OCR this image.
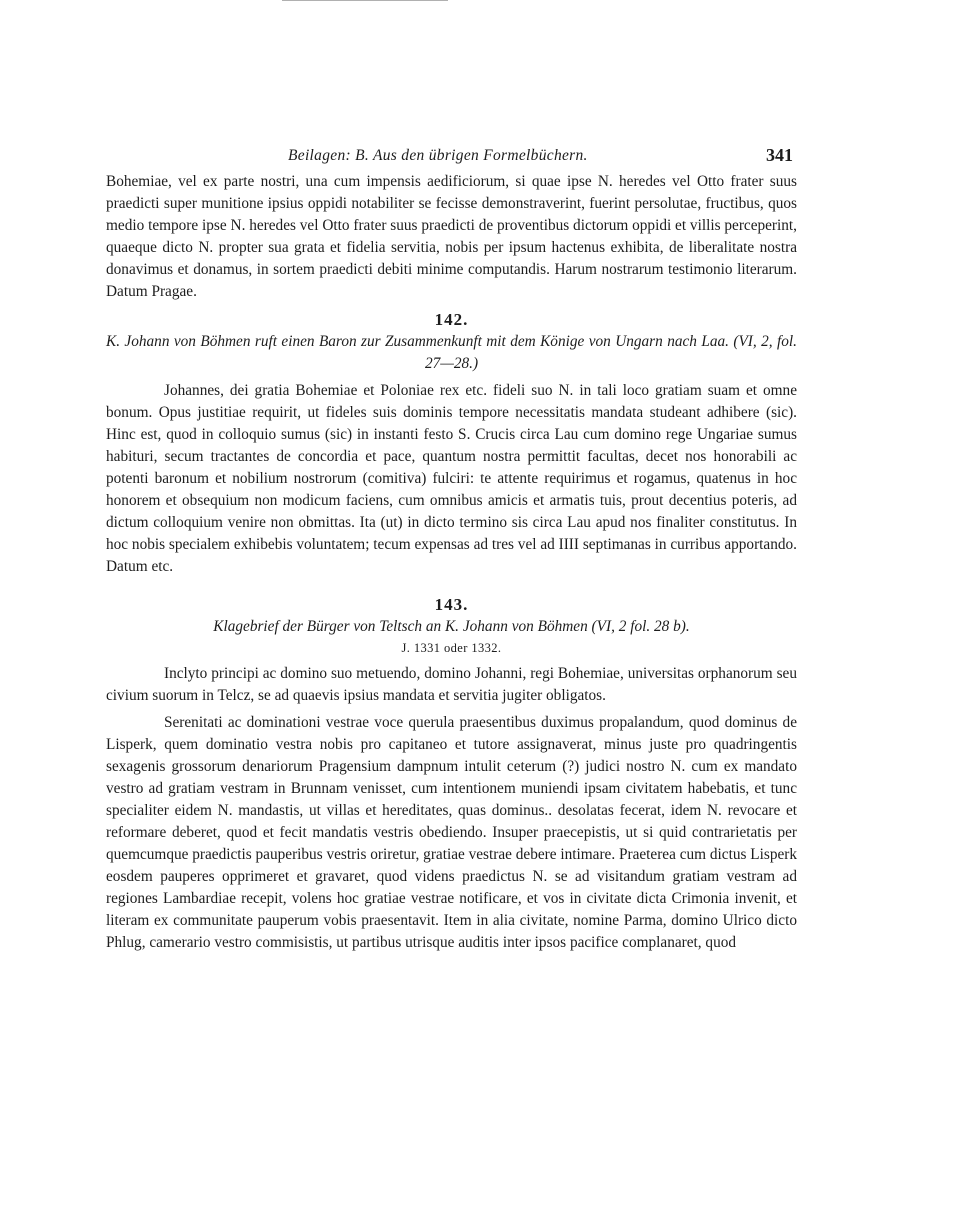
Beilagen: B. Aus den übrigen Formelbüchern.	341

Bohemiae, vel ex parte nostri, una cum impensis aedificiorum, si quae ipse N. heredes vel Otto frater suus praedicti super munitione ipsius oppidi notabiliter se fecisse demonstraverint, fuerint persolutae, fructibus, quos medio tempore ipse N. heredes vel Otto frater suus praedicti de proventibus dictorum oppidi et villis perceperint, quaeque dicto N. propter sua grata et fidelia servitia, nobis per ipsum hactenus exhibita, de liberalitate nostra donavimus et donamus, in sortem praedicti debiti minime computandis. Harum nostrarum testimonio literarum. Datum Pragae.

142.

K. Johann von Böhmen ruft einen Baron zur Zusammenkunft mit dem Könige von Ungarn nach Laa. (VI, 2, fol. 27—28.)

Johannes, dei gratia Bohemiae et Poloniae rex etc. fideli suo N. in tali loco gratiam suam et omne bonum. Opus justitiae requirit, ut fideles suis dominis tempore necessitatis mandata studeant adhibere (sic). Hinc est, quod in colloquio sumus (sic) in instanti festo S. Crucis circa Lau cum domino rege Ungariae sumus habituri, secum tractantes de concordia et pace, quantum nostra permittit facultas, decet nos honorabili ac potenti baronum et nobilium nostrorum (comitiva) fulciri: te attente requirimus et rogamus, quatenus in hoc honorem et obsequium non modicum faciens, cum omnibus amicis et armatis tuis, prout decentius poteris, ad dictum colloquium venire non obmittas. Ita (ut) in dicto termino sis circa Lau apud nos finaliter constitutus. In hoc nobis specialem exhibebis voluntatem; tecum expensas ad tres vel ad IIII septimanas in curribus apportando. Datum etc.

143.

Klagebrief der Bürger von Teltsch an K. Johann von Böhmen (VI, 2 fol. 28 b).

J. 1331 oder 1332.

Inclyto principi ac domino suo metuendo, domino Johanni, regi Bohemiae, universitas orphanorum seu civium suorum in Telcz, se ad quaevis ipsius mandata et servitia jugiter obligatos.

Serenitati ac dominationi vestrae voce querula praesentibus duximus propalandum, quod dominus de Lisperk, quem dominatio vestra nobis pro capitaneo et tutore assignaverat, minus juste pro quadringentis sexagenis grossorum denariorum Pragensium dampnum intulit ceterum (?) judici nostro N. cum ex mandato vestro ad gratiam vestram in Brunnam venisset, cum intentionem muniendi ipsam civitatem habebatis, et tunc specialiter eidem N. mandastis, ut villas et hereditates, quas dominus.. desolatas fecerat, idem N. revocare et reformare deberet, quod et fecit mandatis vestris obediendo. Insuper praecepistis, ut si quid contrarietatis per quemcumque praedictis pauperibus vestris oriretur, gratiae vestrae debere intimare. Praeterea cum dictus Lisperk eosdem pauperes opprimeret et gravaret, quod videns praedictus N. se ad visitandum gratiam vestram ad regiones Lambardiae recepit, volens hoc gratiae vestrae notificare, et vos in civitate dicta Crimonia invenit, et literam ex communitate pauperum vobis praesentavit. Item in alia civitate, nomine Parma, domino Ulrico dicto Phlug, camerario vestro commisistis, ut partibus utrisque auditis inter ipsos pacifice complanaret, quod
